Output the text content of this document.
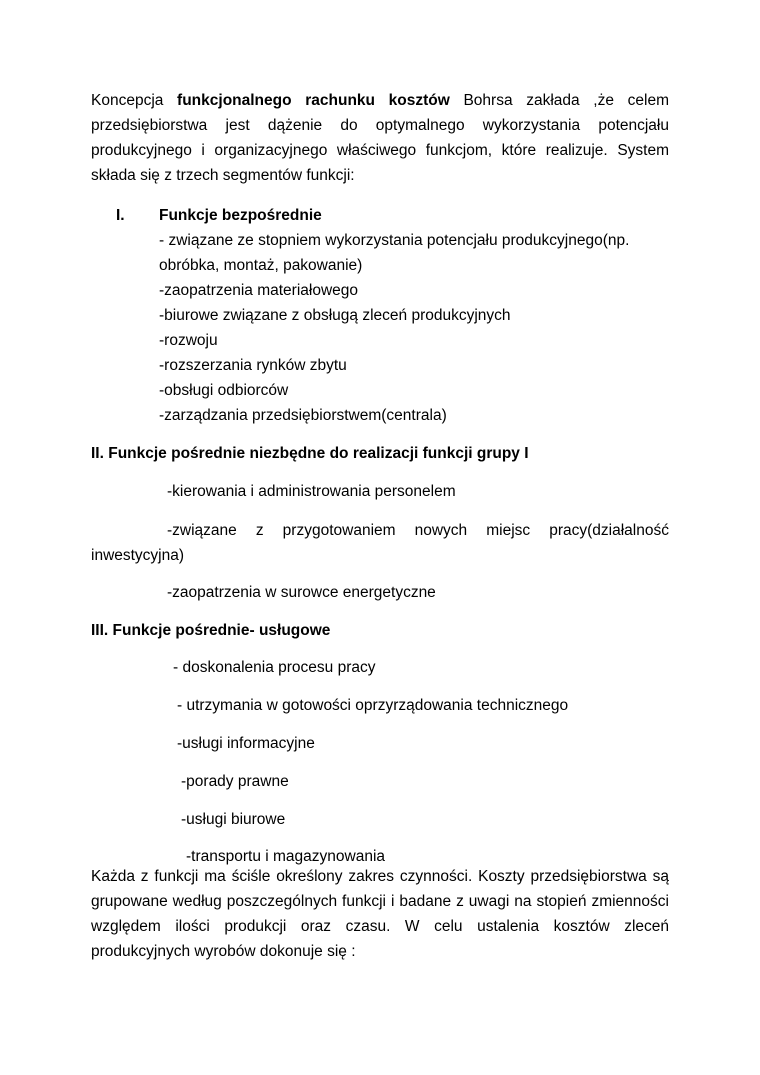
Koncepcja funkcjonalnego rachunku kosztów Bohrsa zakłada ,że celem przedsiębiorstwa jest dążenie do optymalnego wykorzystania potencjału produkcyjnego i organizacyjnego właściwego funkcjom, które realizuje. System składa się z trzech segmentów funkcji:

I. Funkcje bezpośrednie
- związane ze stopniem wykorzystania potencjału produkcyjnego(np. obróbka, montaż, pakowanie)
-zaopatrzenia materiałowego
-biurowe związane z obsługą zleceń produkcyjnych
-rozwoju
-rozszerzania rynków zbytu
-obsługi odbiorców
-zarządzania przedsiębiorstwem(centrala)
II. Funkcje pośrednie niezbędne do realizacji funkcji grupy I
-kierowania i administrowania personelem

-związane z przygotowaniem nowych miejsc pracy(działalność inwestycyjna)

-zaopatrzenia w surowce energetyczne
III. Funkcje pośrednie- usługowe
- doskonalenia procesu pracy
- utrzymania w gotowości oprzyrządowania technicznego
-usługi informacyjne
-porady prawne
-usługi biurowe
-transportu i magazynowania

Każda z funkcji ma ściśle określony zakres czynności. Koszty przedsiębiorstwa są grupowane według poszczególnych funkcji i badane z uwagi na stopień zmienności względem ilości produkcji oraz czasu. W celu ustalenia kosztów zleceń produkcyjnych wyrobów dokonuje się :
